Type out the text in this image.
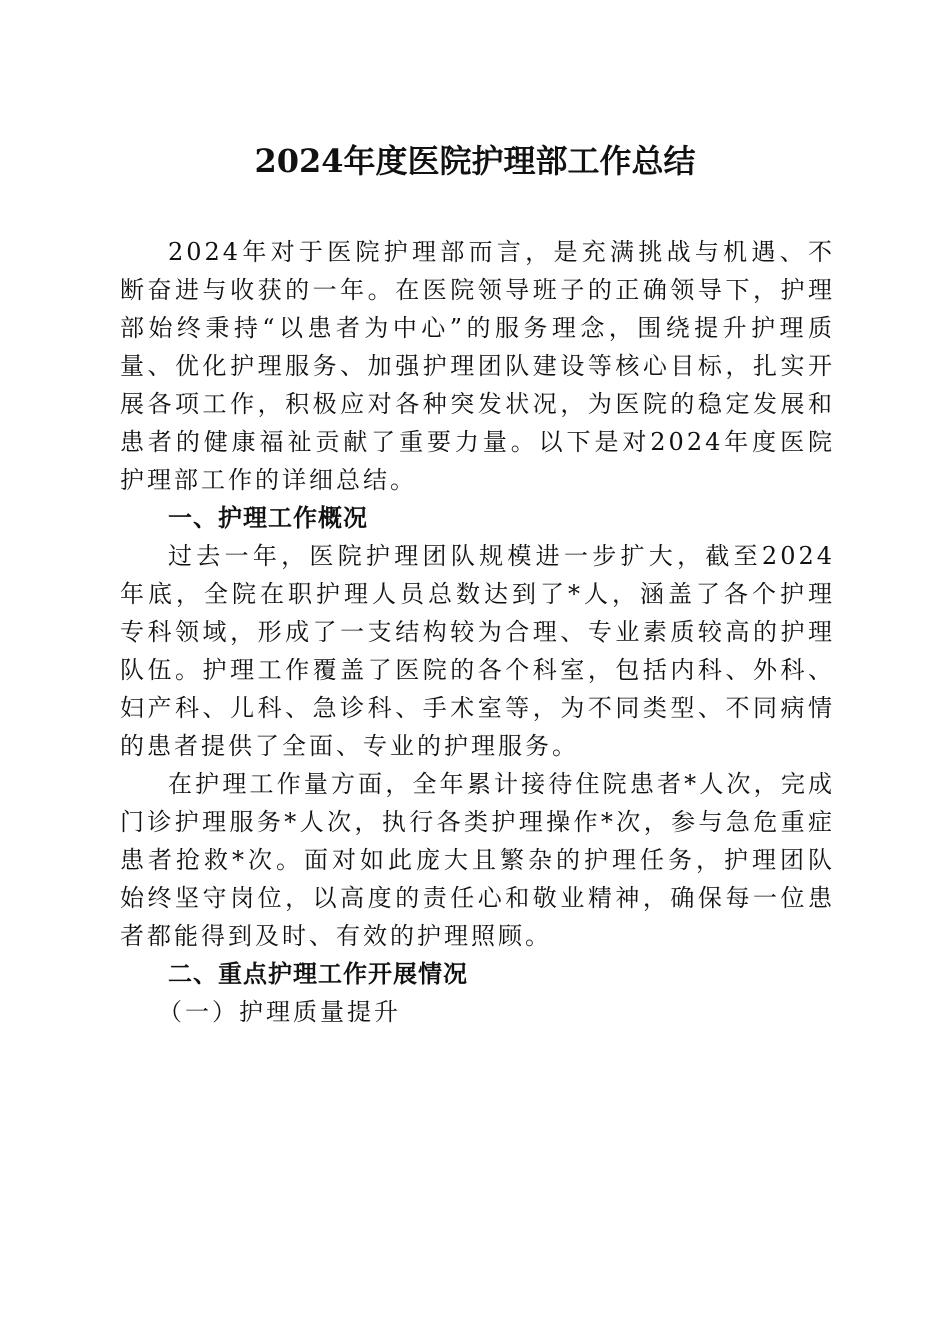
2024年度医院护理部工作总结

2024年对于医院护理部而言，是充满挑战与机遇、不断奋进与收获的一年。在医院领导班子的正确领导下，护理部始终秉持“以患者为中心”的服务理念，围绕提升护理质量、优化护理服务、加强护理团队建设等核心目标，扎实开展各项工作，积极应对各种突发状况，为医院的稳定发展和患者的健康福祉贡献了重要力量。以下是对2024年度医院护理部工作的详细总结。

一、护理工作概况

过去一年，医院护理团队规模进一步扩大，截至2024年底，全院在职护理人员总数达到了*人，涵盖了各个护理专科领域，形成了一支结构较为合理、专业素质较高的护理队伍。护理工作覆盖了医院的各个科室，包括内科、外科、妇产科、儿科、急诊科、手术室等，为不同类型、不同病情的患者提供了全面、专业的护理服务。

在护理工作量方面，全年累计接待住院患者*人次，完成门诊护理服务*人次，执行各类护理操作*次，参与急危重症患者抢救*次。面对如此庞大且繁杂的护理任务，护理团队始终坚守岗位，以高度的责任心和敬业精神，确保每一位患者都能得到及时、有效的护理照顾。

二、重点护理工作开展情况

（一）护理质量提升
